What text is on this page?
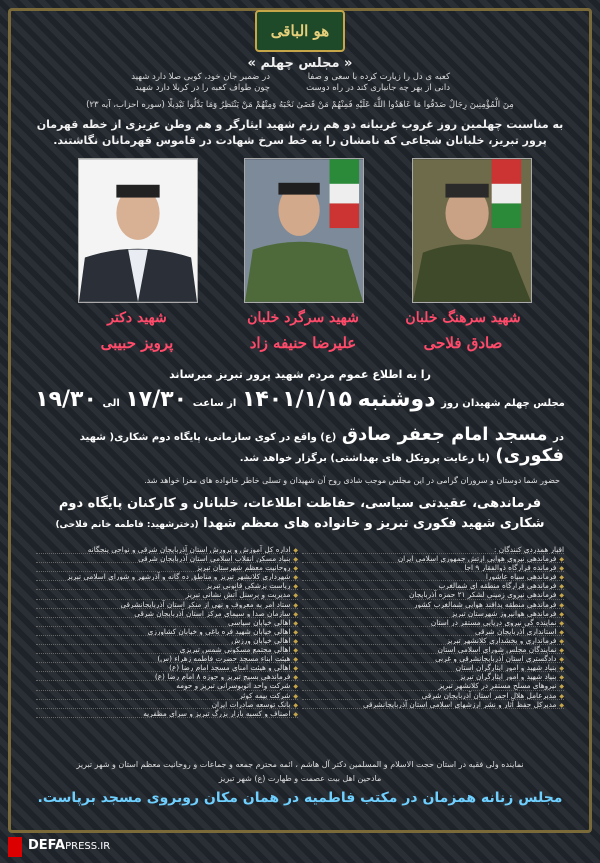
هو الباقی
« مجلس چهلم »
کعبه ی دل را زیارت کرده با سعی و صفا
دانی از بهر چه جانباری کند در راه دوست
در ضمیر جان خود، کوبی صلا دارد شهید
چون طواف کعبه را در کربلا دارد شهید
مِنَ الْمُؤْمِنِينَ رِجَالٌ صَدَقُوا مَا عَاهَدُوا اللَّهَ عَلَيْهِ فَمِنْهُمْ مَنْ قَضَىٰ نَحْبَهُ وَمِنْهُمْ مَنْ يَنْتَظِرُ وَمَا بَدَّلُوا تَبْدِيلًا (سوره احزاب، آیه ۲۳)
به مناسبت چهلمین روز غروب غریبانه دو هم رزم شهید ایثارگر و هم وطن عزیزی از خطه قهرمان پرور تبریز، خلبانان شجاعی که نامشان را به خط سرخ شهادت در قاموس قهرمانان نگاشتند.
شهید سرهنگ خلبان
صادق فلاحی
شهید سرگرد خلبان
علیرضا حنیفه زاد
شهید دکتر
پرویز حبیبی
را به اطلاع عموم مردم شهید پرور تبریز میرساند
مجلس چهلم شهیدان روز دوشنبه ۱۴۰۱/۱/۱۵ از ساعت ۱۷/۳۰ الی ۱۹/۳۰
در مسجد امام جعفر صادق (ع) واقع در کوی سازمانی، پایگاه دوم شکاری( شهید
فکوری) (با رعایت پروتکل های بهداشتی) برگزار خواهد شد.
حضور شما دوستان و سروران گرامی در این مجلس موجب شادی روح آن شهیدان و تسلی خاطر خانواده های معزا خواهد شد.
فرماندهی، عقیدتی سیاسی، حفاظت اطلاعات، خلبانان و کارکنان پایگاه دوم
شکاری شهید فکوری تبریز و خانواده های معظم شهدا (دخترشهید: فاطمه خانم فلاحی)
اقبار همدردی کنندگان :
◆ فرماندهی نیروی هوایی ارتش جمهوری اسلامی ایران
◆ فرمانده قرارگاه ذوالفقار ۹ اجا
◆ فرماندهی سپاه عاشورا
◆ فرماندهی قرارگاه منطقه ای شمالغرب
◆ فرماندهی نیروی زمینی لشکر ۲۱ حمزه آذربایجان
◆ فرماندهی منطقه پدافند هوایی شمالغرب کشور
◆ فرماندهی هوانیروز شهرستان تبریز
◆ نماینده گی نیروی دریایی مستقر در استان
◆ استانداری آذربایجان شرقی
◆ فرمانداری و بخشداری کلانشهر تبریز
◆ نمایندگان مجلس شورای اسلامی استان
◆ دادگستری استان آذربایجانشرقی و غربی
◆ بنیاد شهید و امور ایثارگران استان
◆ بنیاد شهید و امور ایثارگران تبریز
◆ نیروهای مسلح مستقر در کلانشهر تبریز
◆ مدیرعامل هلال احمر استان آذربایجان شرقی
◆ مدیرکل حفظ آثار و نشر ارزشهای اسلامی استان آذربایجانشرقی
◆ اداره کل آموزش و پرورش استان آذربایجان شرقی و نواحی پنجگانه
◆ بنیاد مسکن انقلاب اسلامی استان آذربایجان شرقی
◆ روحانیت معظم شهرستان تبریز
◆ شهرداری کلانشهر تبریز و مناطق ده گانه و آذرشهر و شورای اسلامی تبریز
◆ ریاست پزشکی قانونی تبریز
◆ مدیریت و پرسنل آتش نشانی تبریز
◆ ستاد امر به معروف و نهی از منکر استان آذربایجانشرقی
◆ سازمان صدا و سیمای مرکز استان آذربایجان شرقی
◆ اهالی خیابان سیاسی
◆ اهالی خیابان شهید فره باغی و خیابان کشاورزی
◆ اهالی خیابان ورزش
◆ اهالی مجتمع مسکونی شمس تبریزی
◆ هیئت ابناء مسجد حضرت فاطمه زهراء (س)
◆ اهالی و هیئت امنای مسجد امام رضا (ع)
◆ فرماندهی بسیج تبریز و حوزه ۸ امام رضا (ع)
◆ شرکت واحد اتوبوسرانی تبریز و حومه
◆ شرکت بیمه کوثر
◆ بانک توسعه صادرات ایران
◆ اصناف و کسبه بازار بزرگ تبریز و سرای مظفریه
نماینده ولی فقیه در استان حجت الاسلام و المسلمین دکتر آل هاشم ، ائمه محترم جمعه و جماعات و روحانیت معظم استان و شهر تبریز
مادحین اهل بیت عصمت و طهارت (ع) شهر تبریز
مجلس زنانه همزمان در مکتب فاطمیه در همان مکان روبروی مسجد برپاست.
DEFAPRESS.IR
